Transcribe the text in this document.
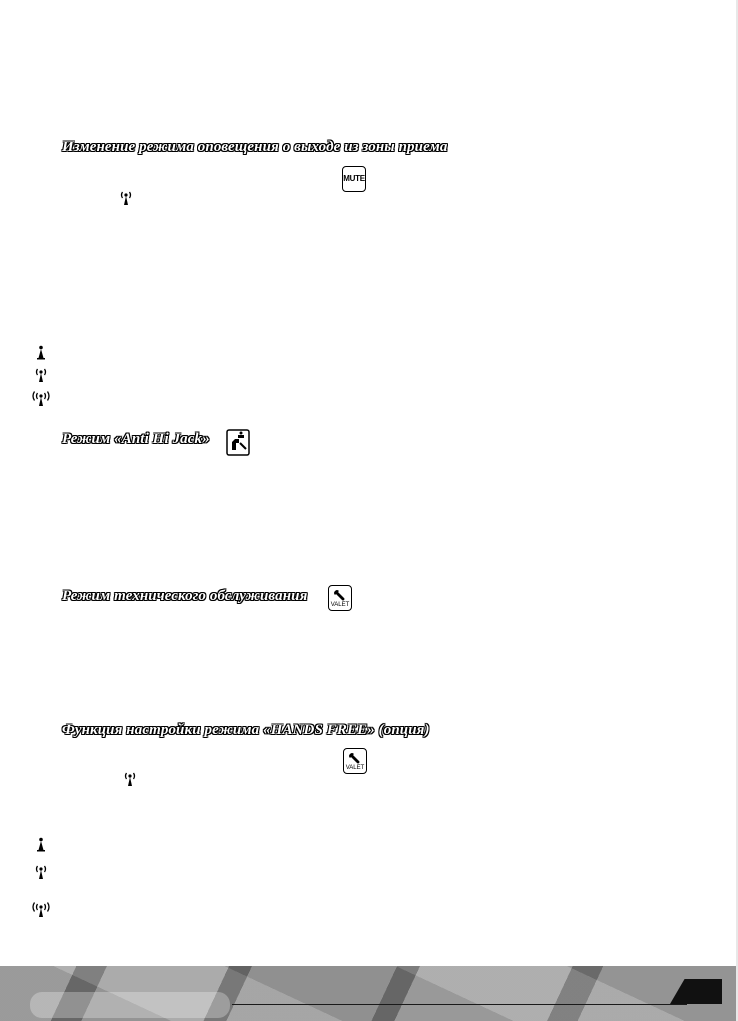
Изменение режима оповещения о выходе из зоны приема
MUTE
Режим «Anti Hi Jack»
Режим технического обслуживания
VALET
Функция настройки режима «HANDS FREE» (опция)
VALET
